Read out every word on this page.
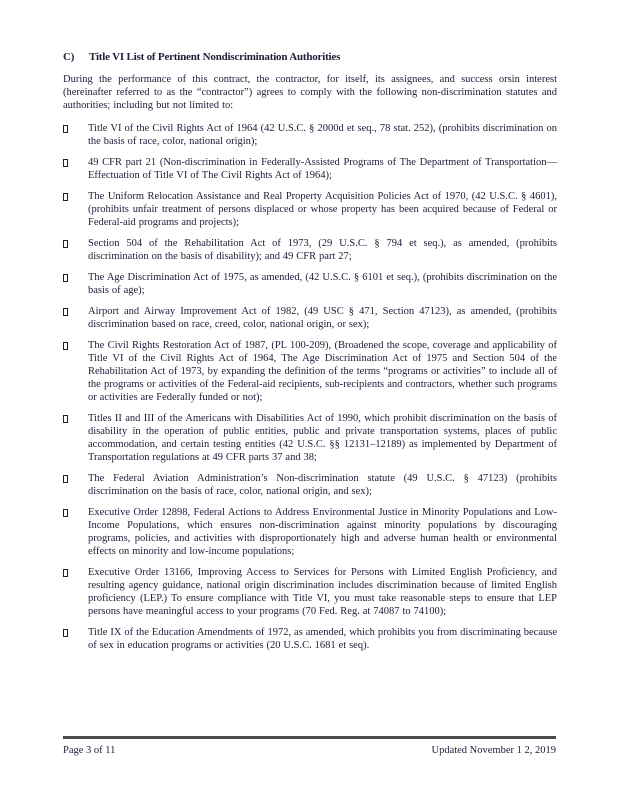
C)	Title VI List of Pertinent Nondiscrimination Authorities

During the performance of this contract, the contractor, for itself, its assignees, and success orsin interest (hereinafter referred to as the “contractor”) agrees to comply with the following non-discrimination statutes and authorities; including but not limited to:

Title VI of the Civil Rights Act of 1964 (42 U.S.C. § 2000d et seq., 78 stat. 252), (prohibits discrimination on the basis of race, color, national origin);
49 CFR part 21 (Non-discrimination in Federally-Assisted Programs of The Department of Transportation—Effectuation of Title VI of The Civil Rights Act of 1964);
The Uniform Relocation Assistance and Real Property Acquisition Policies Act of 1970, (42 U.S.C. § 4601), (prohibits unfair treatment of persons displaced or whose property has been acquired because of Federal or Federal-aid programs and projects);
Section 504 of the Rehabilitation Act of 1973, (29 U.S.C. § 794 et seq.), as amended, (prohibits discrimination on the basis of disability); and 49 CFR part 27;
The Age Discrimination Act of 1975, as amended, (42 U.S.C. § 6101 et seq.), (prohibits discrimination on the basis of age);
Airport and Airway Improvement Act of 1982, (49 USC § 471, Section 47123), as amended, (prohibits discrimination based on race, creed, color, national origin, or sex);
The Civil Rights Restoration Act of 1987, (PL 100-209), (Broadened the scope, coverage and applicability of Title VI of the Civil Rights Act of 1964, The Age Discrimination Act of 1975 and Section 504 of the Rehabilitation Act of 1973, by expanding the definition of the terms “programs or activities” to include all of the programs or activities of the Federal-aid recipients, sub-recipients and contractors, whether such programs or activities are Federally funded or not);
Titles II and III of the Americans with Disabilities Act of 1990, which prohibit discrimination on the basis of disability in the operation of public entities, public and private transportation systems, places of public accommodation, and certain testing entities (42 U.S.C. §§ 12131–12189) as implemented by Department of Transportation regulations at 49 CFR parts 37 and 38;
The Federal Aviation Administration’s Non-discrimination statute (49 U.S.C. § 47123) (prohibits discrimination on the basis of race, color, national origin, and sex);
Executive Order 12898, Federal Actions to Address Environmental Justice in Minority Populations and Low-Income Populations, which ensures non-discrimination against minority populations by discouraging programs, policies, and activities with disproportionately high and adverse human health or environmental effects on minority and low-income populations;
Executive Order 13166, Improving Access to Services for Persons with Limited English Proficiency, and resulting agency guidance, national origin discrimination includes discrimination because of limited English proficiency (LEP.) To ensure compliance with Title VI, you must take reasonable steps to ensure that LEP persons have meaningful access to your programs (70 Fed. Reg. at 74087 to 74100);
Title IX of the Education Amendments of 1972, as amended, which prohibits you from discriminating because of sex in education programs or activities (20 U.S.C. 1681 et seq).
Page 3 of 11	Updated November 1 2, 2019
